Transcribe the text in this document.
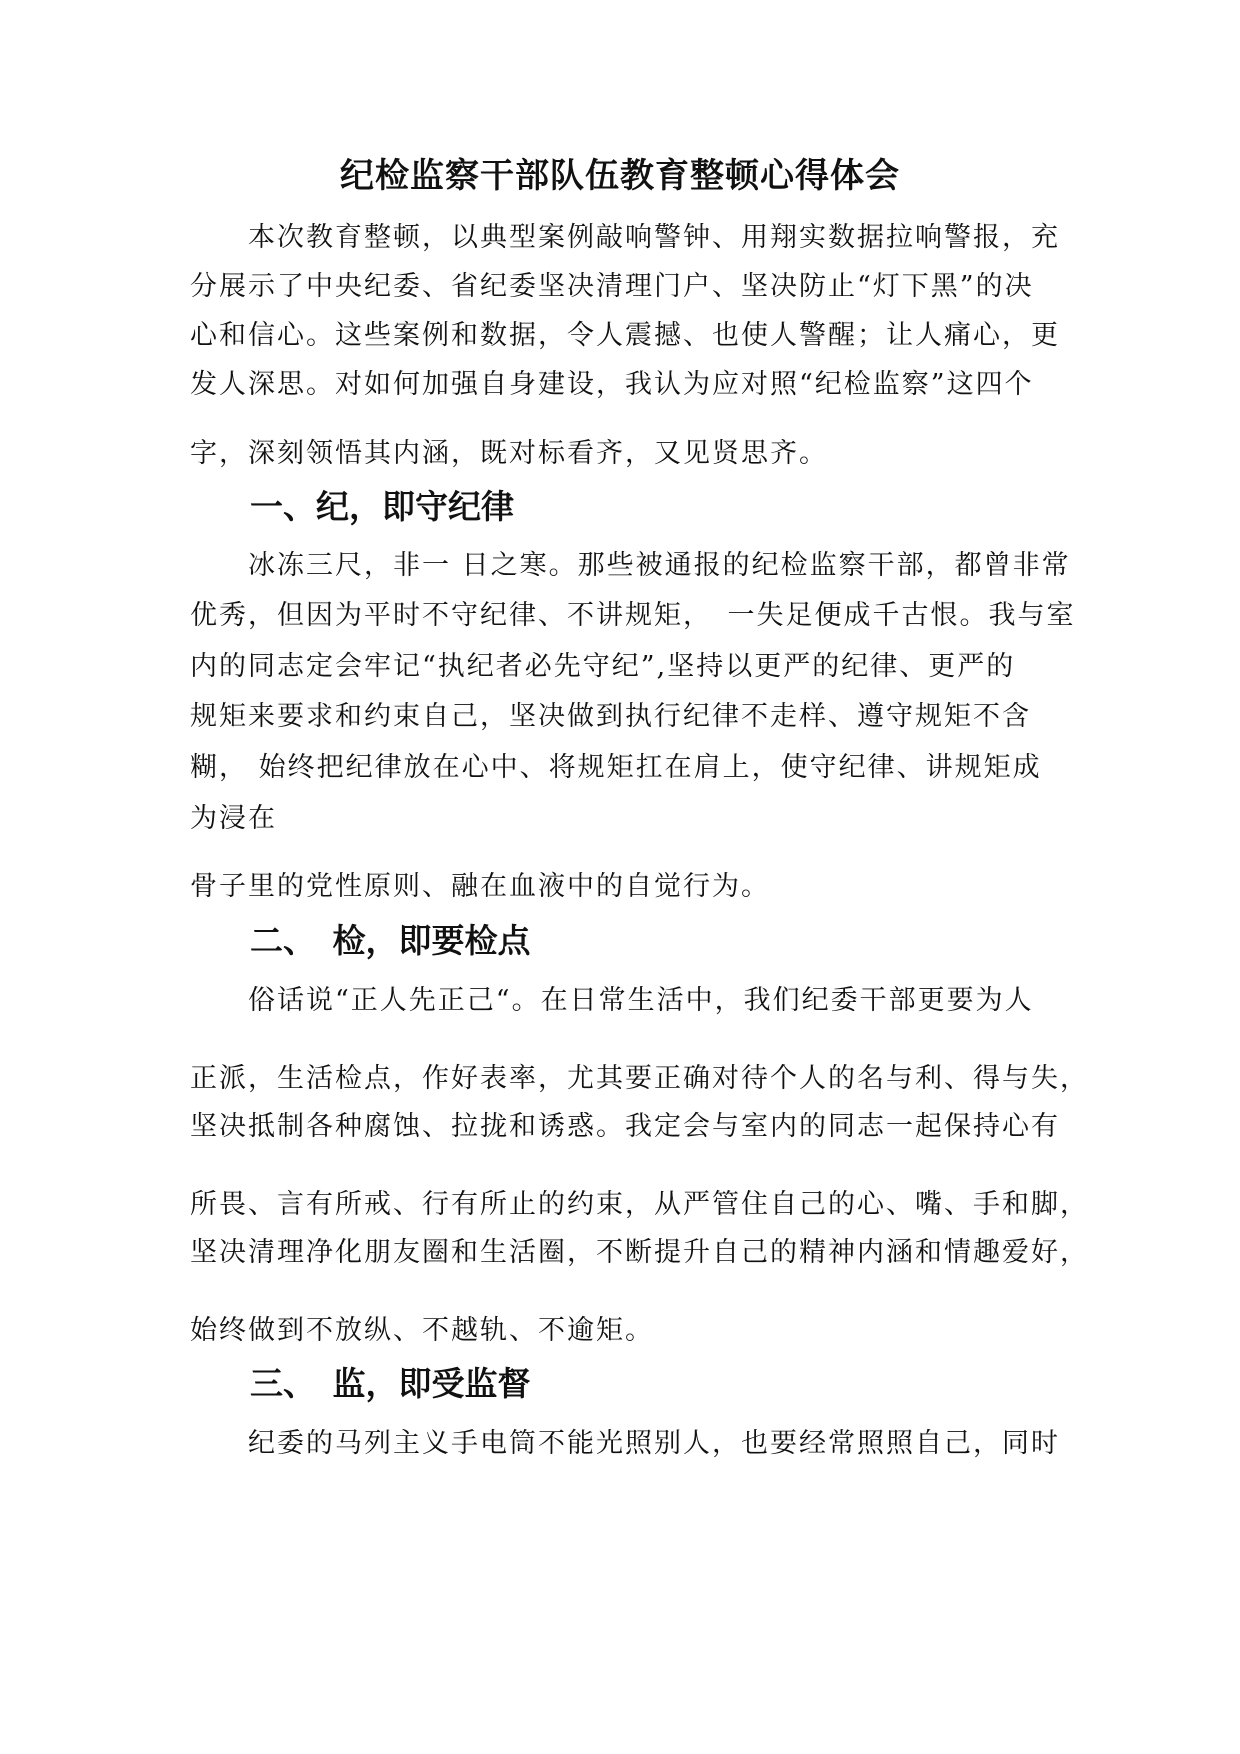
纪检监察干部队伍教育整顿心得体会
　　本次教育整顿，以典型案例敲响警钟、用翔实数据拉响警报，充
分展示了中央纪委、省纪委坚决清理门户、坚决防止“灯下黑”的决
心和信心。这些案例和数据，令人震撼、也使人警醒；让人痛心，更
发人深思。对如何加强自身建设，我认为应对照“纪检监察”这四个
字，深刻领悟其内涵，既对标看齐，又见贤思齐。
一、纪，即守纪律
　　冰冻三尺，非一 日之寒。那些被通报的纪检监察干部，都曾非常
优秀，但因为平时不守纪律、不讲规矩，　一失足便成千古恨。我与室
内的同志定会牢记“执纪者必先守纪”,坚持以更严的纪律、更严的
规矩来要求和约束自己，坚决做到执行纪律不走样、遵守规矩不含
糊， 始终把纪律放在心中、将规矩扛在肩上，使守纪律、讲规矩成
为浸在
骨子里的党性原则、融在血液中的自觉行为。
二、　检，即要检点
　　俗话说“正人先正己“。在日常生活中，我们纪委干部更要为人
正派，生活检点，作好表率，尤其要正确对待个人的名与利、得与失，
坚决抵制各种腐蚀、拉拢和诱惑。我定会与室内的同志一起保持心有
所畏、言有所戒、行有所止的约束，从严管住自己的心、嘴、手和脚，
坚决清理净化朋友圈和生活圈，不断提升自己的精神内涵和情趣爱好，
始终做到不放纵、不越轨、不逾矩。
三、　监，即受监督
　　纪委的马列主义手电筒不能光照别人，也要经常照照自己，同时
